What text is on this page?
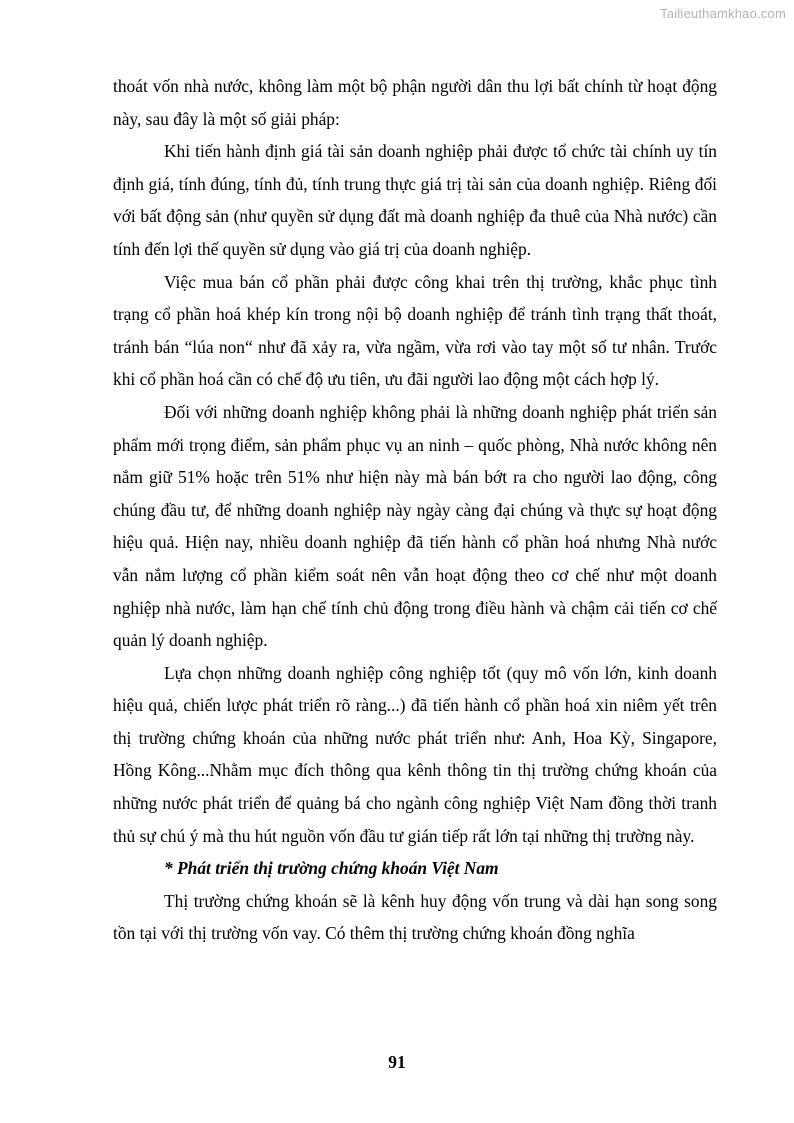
Tailieuthamkhao.com

thoát vốn nhà nước, không làm một bộ phận người dân thu lợi bất chính từ hoạt động này, sau đây là một số giải pháp:

Khi tiến hành định giá tài sản doanh nghiệp phải được tổ chức tài chính uy tín định giá, tính đúng, tính đủ, tính trung thực giá trị tài sản của doanh nghiệp. Riêng đối với bất động sản (như quyền sử dụng đất mà doanh nghiệp đa thuê của Nhà nước) cần tính đến lợi thế quyền sử dụng vào giá trị của doanh nghiệp.

Việc mua bán cổ phần phải được công khai trên thị trường, khắc phục tình trạng cổ phần hoá khép kín trong nội bộ doanh nghiệp để tránh tình trạng thất thoát, tránh bán “lúa non“ như đã xảy ra, vừa ngầm, vừa rơi vào tay một số tư nhân. Trước khi cổ phần hoá cần có chế độ ưu tiên, ưu đãi người lao động một cách hợp lý.

Đối với những doanh nghiệp không phải là những doanh nghiệp phát triển sản phẩm mới trọng điểm, sản phẩm phục vụ an ninh – quốc phòng, Nhà nước không nên nắm giữ 51% hoặc trên 51% như hiện này mà bán bớt ra cho người lao động, công chúng đầu tư, để những doanh nghiệp này ngày càng đại chúng và thực sự hoạt động hiệu quả. Hiện nay, nhiều doanh nghiệp đã tiến hành cổ phần hoá nhưng Nhà nước vẫn nắm lượng cổ phần kiểm soát nên vẫn hoạt động theo cơ chế như một doanh nghiệp nhà nước, làm hạn chế tính chủ động trong điều hành và chậm cải tiến cơ chế quản lý doanh nghiệp.

Lựa chọn những doanh nghiệp công nghiệp tốt (quy mô vốn lớn, kinh doanh hiệu quả, chiến lược phát triển rõ ràng...) đã tiến hành cổ phần hoá xin niêm yết trên thị trường chứng khoán của những nước phát triển như: Anh, Hoa Kỳ, Singapore, Hồng Kông...Nhằm mục đích thông qua kênh thông tin thị trường chứng khoán của những nước phát triển để quảng bá cho ngành công nghiệp Việt Nam đồng thời tranh thủ sự chú ý mà thu hút nguồn vốn đầu tư gián tiếp rất lớn tại những thị trường này.

* Phát triển thị trường chứng khoán Việt Nam

Thị trường chứng khoán sẽ là kênh huy động vốn trung và dài hạn song song tồn tại với thị trường vốn vay. Có thêm thị trường chứng khoán đồng nghĩa

91
